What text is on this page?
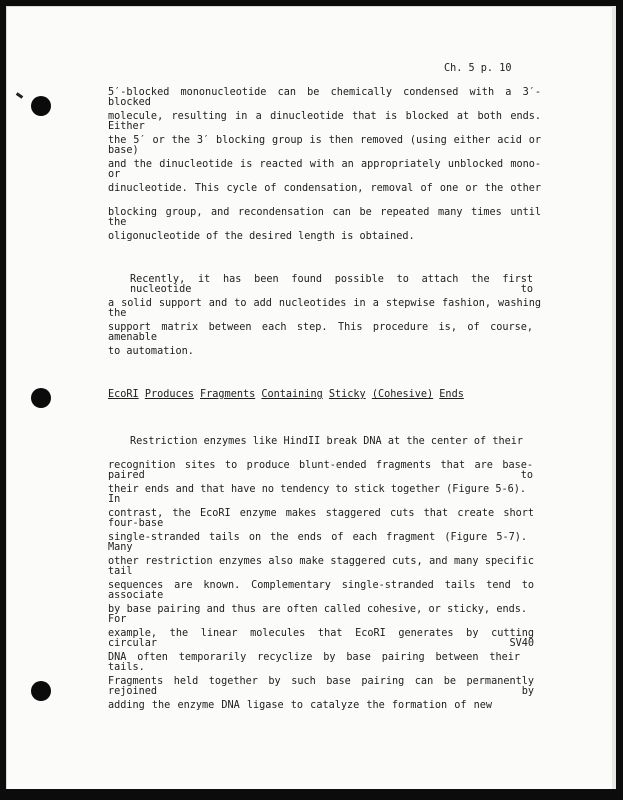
Ch. 5 p. 10
5′-blocked mononucleotide can be chemically condensed with a 3′-blocked
molecule, resulting in a dinucleotide that is blocked at both ends. Either
the 5′ or the 3′ blocking group is then removed (using either acid or base)
and the dinucleotide is reacted with an appropriately unblocked mono- or
dinucleotide. This cycle of condensation, removal of one or the other
blocking group, and recondensation can be repeated many times until the
oligonucleotide of the desired length is obtained.
Recently, it has been found possible to attach the first nucleotide to
a solid support and to add nucleotides in a stepwise fashion, washing the
support matrix between each step. This procedure is, of course, amenable
to automation.
EcoRI Produces Fragments Containing Sticky (Cohesive) Ends
Restriction enzymes like HindII break DNA at the center of their
recognition sites to produce blunt-ended fragments that are base-paired to
their ends and that have no tendency to stick together (Figure 5-6). In
contrast, the EcoRI enzyme makes staggered cuts that create short four-base
single-stranded tails on the ends of each fragment (Figure 5-7). Many
other restriction enzymes also make staggered cuts, and many specific tail
sequences are known. Complementary single-stranded tails tend to associate
by base pairing and thus are often called cohesive, or sticky, ends. For
example, the linear molecules that EcoRI generates by cutting circular SV40
DNA often temporarily recyclize by base pairing between their tails.
Fragments held together by such base pairing can be permanently rejoined by
adding the enzyme DNA ligase to catalyze the formation of new
